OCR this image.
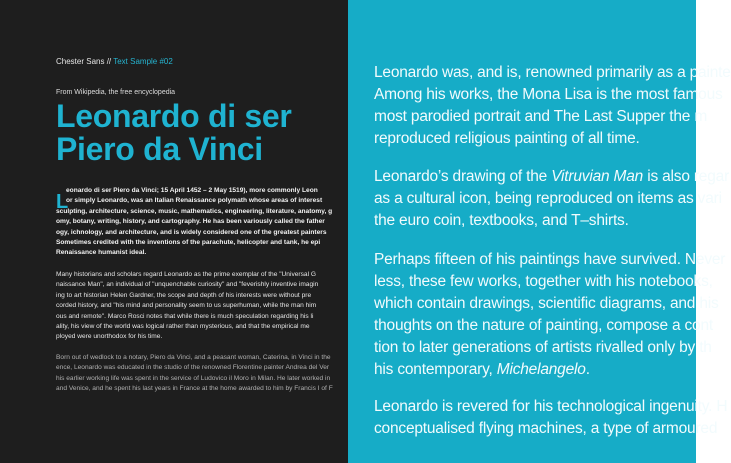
Chester Sans // Text Sample #02
From Wikipedia, the free encyclopedia
Leonardo di ser
Piero da Vinci
L
eonardo di ser Piero da Vinci; 15 April 1452 – 2 May 1519), more commonly Leon
or simply Leonardo, was an Italian Renaissance polymath whose areas of interest
sculpting, architecture, science, music, mathematics, engineering, literature, anatomy, g
omy, botany, writing, history, and cartography. He has been variously called the father
ogy, ichnology, and architecture, and is widely considered one of the greatest painters
Sometimes credited with the inventions of the parachute, helicopter and tank, he epi
Renaissance humanist ideal.
Many historians and scholars regard Leonardo as the prime exemplar of the "Universal G
naissance Man", an individual of "unquenchable curiosity" and "feverishly inventive imagin
ing to art historian Helen Gardner, the scope and depth of his interests were without pre
corded history, and "his mind and personality seem to us superhuman, while the man him
ous and remote". Marco Rosci notes that while there is much speculation regarding his li
ality, his view of the world was logical rather than mysterious, and that the empirical me
ployed were unorthodox for his time.
Born out of wedlock to a notary, Piero da Vinci, and a peasant woman, Caterina, in Vinci in the
ence, Leonardo was educated in the studio of the renowned Florentine painter Andrea del Ver
his earlier working life was spent in the service of Ludovico il Moro in Milan. He later worked in
and Venice, and he spent his last years in France at the home awarded to him by Francis I of F
Leonardo was, and is, renowned primarily as a painte
Among his works, the Mona Lisa is the most famous
most parodied portrait and The Last Supper the m
reproduced religious painting of all time.
Leonardo’s drawing of the Vitruvian Man is also regar
as a cultural icon, being reproduced on items as vari
the euro coin, textbooks, and T–shirts.
Perhaps fifteen of his paintings have survived. Never
less, these few works, together with his notebooks,
which contain drawings, scientific diagrams, and his
thoughts on the nature of painting, compose a cont
tion to later generations of artists rivalled only by th
his contemporary, Michelangelo.
Leonardo is revered for his technological ingenuity. H
conceptualised flying machines, a type of armoured
